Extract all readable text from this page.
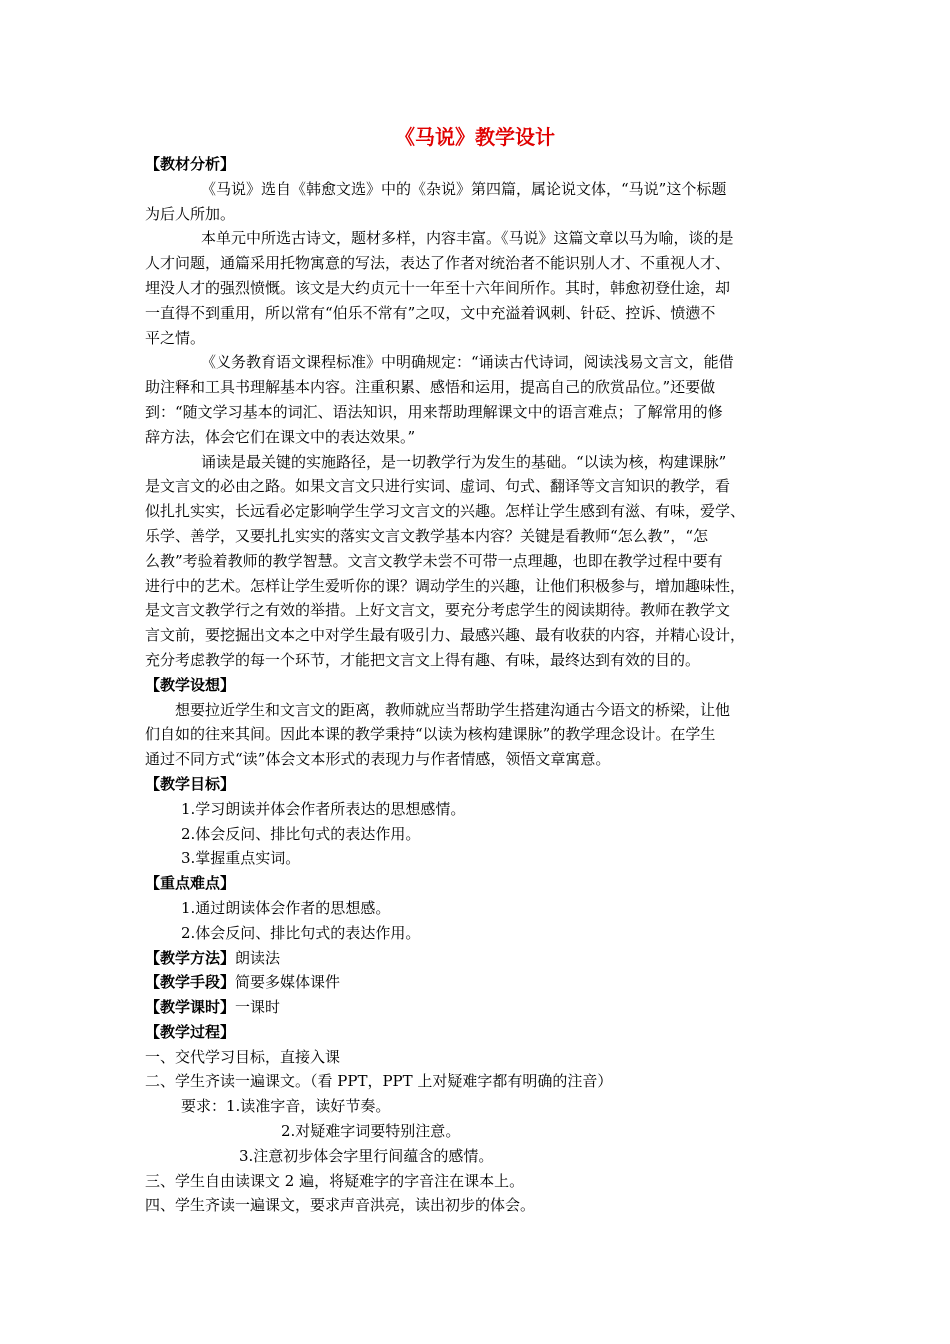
《马说》教学设计
【教材分析】
《马说》选自《韩愈文选》中的《杂说》第四篇，属论说文体，“马说”这个标题
为后人所加。
本单元中所选古诗文，题材多样，内容丰富。《马说》这篇文章以马为喻，谈的是
人才问题，通篇采用托物寓意的写法，表达了作者对统治者不能识别人才、不重视人才、
埋没人才的强烈愤慨。该文是大约贞元十一年至十六年间所作。其时，韩愈初登仕途，却
一直得不到重用，所以常有“伯乐不常有”之叹，文中充溢着讽刺、针砭、控诉、愤懑不
平之情。
《义务教育语文课程标准》中明确规定：“诵读古代诗词，阅读浅易文言文，能借
助注释和工具书理解基本内容。注重积累、感悟和运用，提高自己的欣赏品位。”还要做
到：“随文学习基本的词汇、语法知识，用来帮助理解课文中的语言难点；了解常用的修
辞方法，体会它们在课文中的表达效果。”
诵读是最关键的实施路径，是一切教学行为发生的基础。“以读为核，构建课脉”
是文言文的必由之路。如果文言文只进行实词、虚词、句式、翻译等文言知识的教学，看
似扎扎实实，长远看必定影响学生学习文言文的兴趣。怎样让学生感到有滋、有味，爱学、
乐学、善学，又要扎扎实实的落实文言文教学基本内容？关键是看教师“怎么教”，“怎
么教”考验着教师的教学智慧。文言文教学未尝不可带一点理趣，也即在教学过程中要有
进行中的艺术。怎样让学生爱听你的课？调动学生的兴趣，让他们积极参与，增加趣味性，
是文言文教学行之有效的举措。上好文言文，要充分考虑学生的阅读期待。教师在教学文
言文前，要挖掘出文本之中对学生最有吸引力、最感兴趣、最有收获的内容，并精心设计，
充分考虑教学的每一个环节，才能把文言文上得有趣、有味，最终达到有效的目的。
【教学设想】
想要拉近学生和文言文的距离，教师就应当帮助学生搭建沟通古今语文的桥梁，让他
们自如的往来其间。因此本课的教学秉持“以读为核构建课脉”的教学理念设计。在学生
通过不同方式“读”体会文本形式的表现力与作者情感，领悟文章寓意。
【教学目标】
1.学习朗读并体会作者所表达的思想感情。
2.体会反问、排比句式的表达作用。
3.掌握重点实词。
【重点难点】
1.通过朗读体会作者的思想感。
2.体会反问、排比句式的表达作用。
【教学方法】朗读法
【教学手段】简要多媒体课件
【教学课时】一课时
【教学过程】
一、交代学习目标，直接入课
二、学生齐读一遍课文。（看 PPT，PPT 上对疑难字都有明确的注音）
要求：1.读准字音，读好节奏。
2.对疑难字词要特别注意。
3.注意初步体会字里行间蕴含的感情。
三、学生自由读课文 2 遍，将疑难字的字音注在课本上。
四、学生齐读一遍课文，要求声音洪亮，读出初步的体会。
